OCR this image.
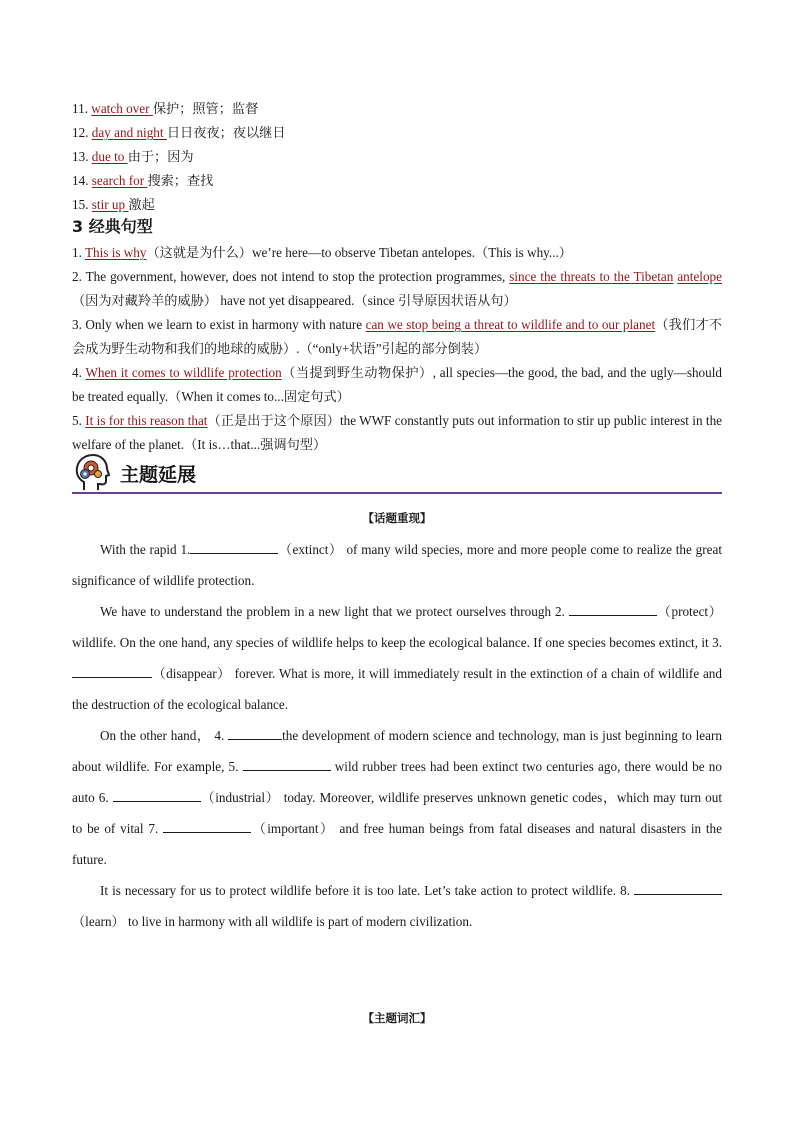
11. watch over 保护；照管；监督
12. day and night 日日夜夜；夜以继日
13. due to 由于；因为
14. search for 搜索；查找
15. stir up 激起
3 经典句型
1. This is why（这就是为什么）we’re here—to observe Tibetan antelopes.（This is why...）
2. The government, however, does not intend to stop the protection programmes, since the threats to the Tibetan antelope（因为对藏羚羊的威胁） have not yet disappeared.（since 引导原因状语从句）
3. Only when we learn to exist in harmony with nature can we stop being a threat to wildlife and to our planet（我们才不会成为野生动物和我们的地球的威胁）.（“only+状语”引起的部分倒装）
4. When it comes to wildlife protection（当提到野生动物保护）, all species—the good, the bad, and the ugly—should be treated equally.（When it comes to...固定句式）
5. It is for this reason that（正是出于这个原因）the WWF constantly puts out information to stir up public interest in the welfare of the planet.（It is…that...强调句型）
主题延展
【话题重现】

With the rapid 1.	（extinct） of many wild species, more and more people come to realize the great significance of wildlife protection.

We have to understand the problem in a new light that we protect ourselves through 2.	（protect） wildlife. On the one hand, any species of wildlife helps to keep the ecological balance. If one species becomes extinct, it 3. （disappear） forever. What is more, it will immediately result in the extinction of a chain of wildlife and the destruction of the ecological balance.

On the other hand， 4.	the development of modern science and technology, man is just beginning to learn about wildlife. For example, 5.	wild rubber trees had been extinct two centuries ago, there would be no auto 6.	（industrial） today. Moreover, wildlife preserves unknown genetic codes，which may turn out to be of vital 7.	（important） and free human beings from fatal diseases and natural disasters in the future.

It is necessary for us to protect wildlife before it is too late. Let’s take action to protect wildlife. 8. （learn） to live in harmony with all wildlife is part of modern civilization.

【主题词汇】
